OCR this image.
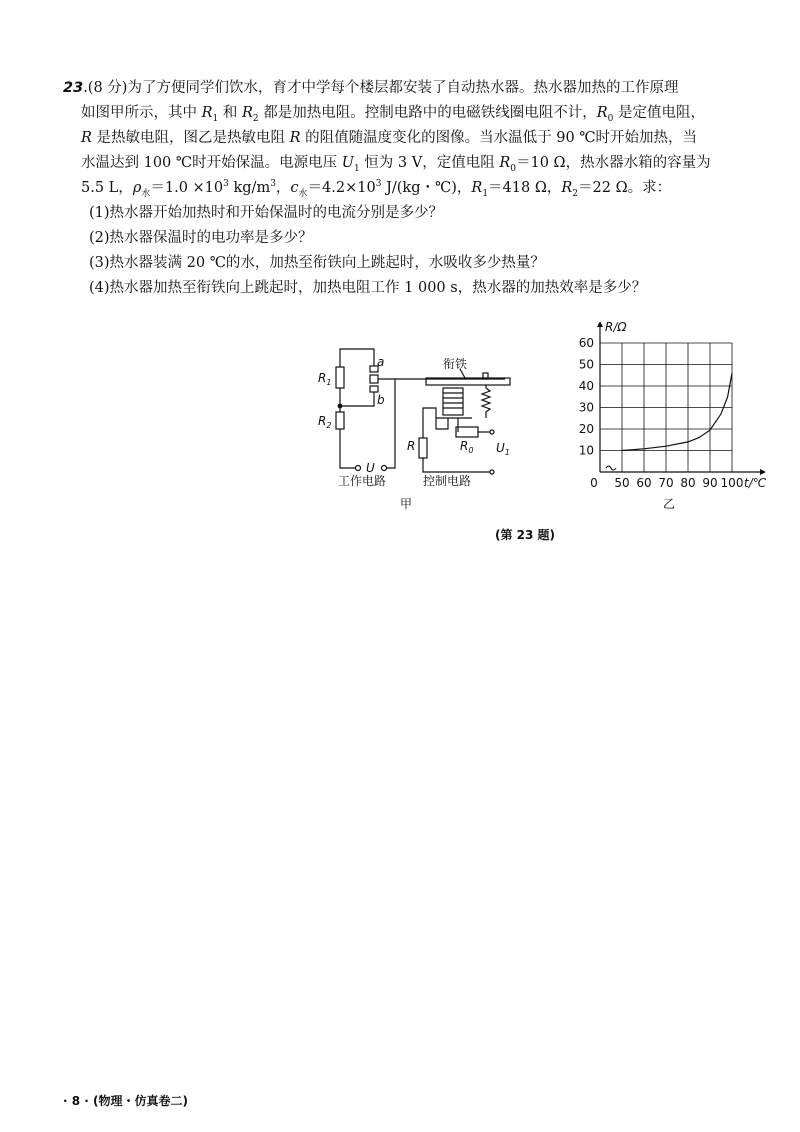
23.(8 分)为了方便同学们饮水，育才中学每个楼层都安装了自动热水器。热水器加热的工作原理
如图甲所示，其中 $R_1$ 和 $R_2$ 都是加热电阻。控制电路中的电磁铁线圈电阻不计，$R_0$ 是定值电阻，
R 是热敏电阻，图乙是热敏电阻 R 的阻值随温度变化的图像。当水温低于 90 ℃时开始加热，当
水温达到 100 ℃时开始保温。电源电压 $U_1$ 恒为 3 V，定值电阻 $R_0=10$ Ω，热水器水箱的容量为
5.5 L，$\rho_水=1.0 \times 10^3$ $kg/m^3$，$c_水=4.2\times 10^3$ J/(kg・℃)，$R_1=418$ Ω，$R_2=22$ Ω。求：
(1)热水器开始加热时和开始保温时的电流分别是多少？
(2)热水器保温时的电功率是多少？
(3)热水器装满 20 ℃的水，加热至衔铁向上跳起时，水吸收多少热量？
(4)热水器加热至衔铁向上跳起时，加热电阻工作 1 000 s，热水器的加热效率是多少？
$R_1$
$R_2$
a
b
衔铁
R	$R_0$
U
$U_1$
工作电路	控制电路
甲
10
20
30
40
50
60
0 50 60 70 80 90 100
R/Ω
t/℃
乙
(第 23 题)
· 8 · (物理・仿真卷二)
